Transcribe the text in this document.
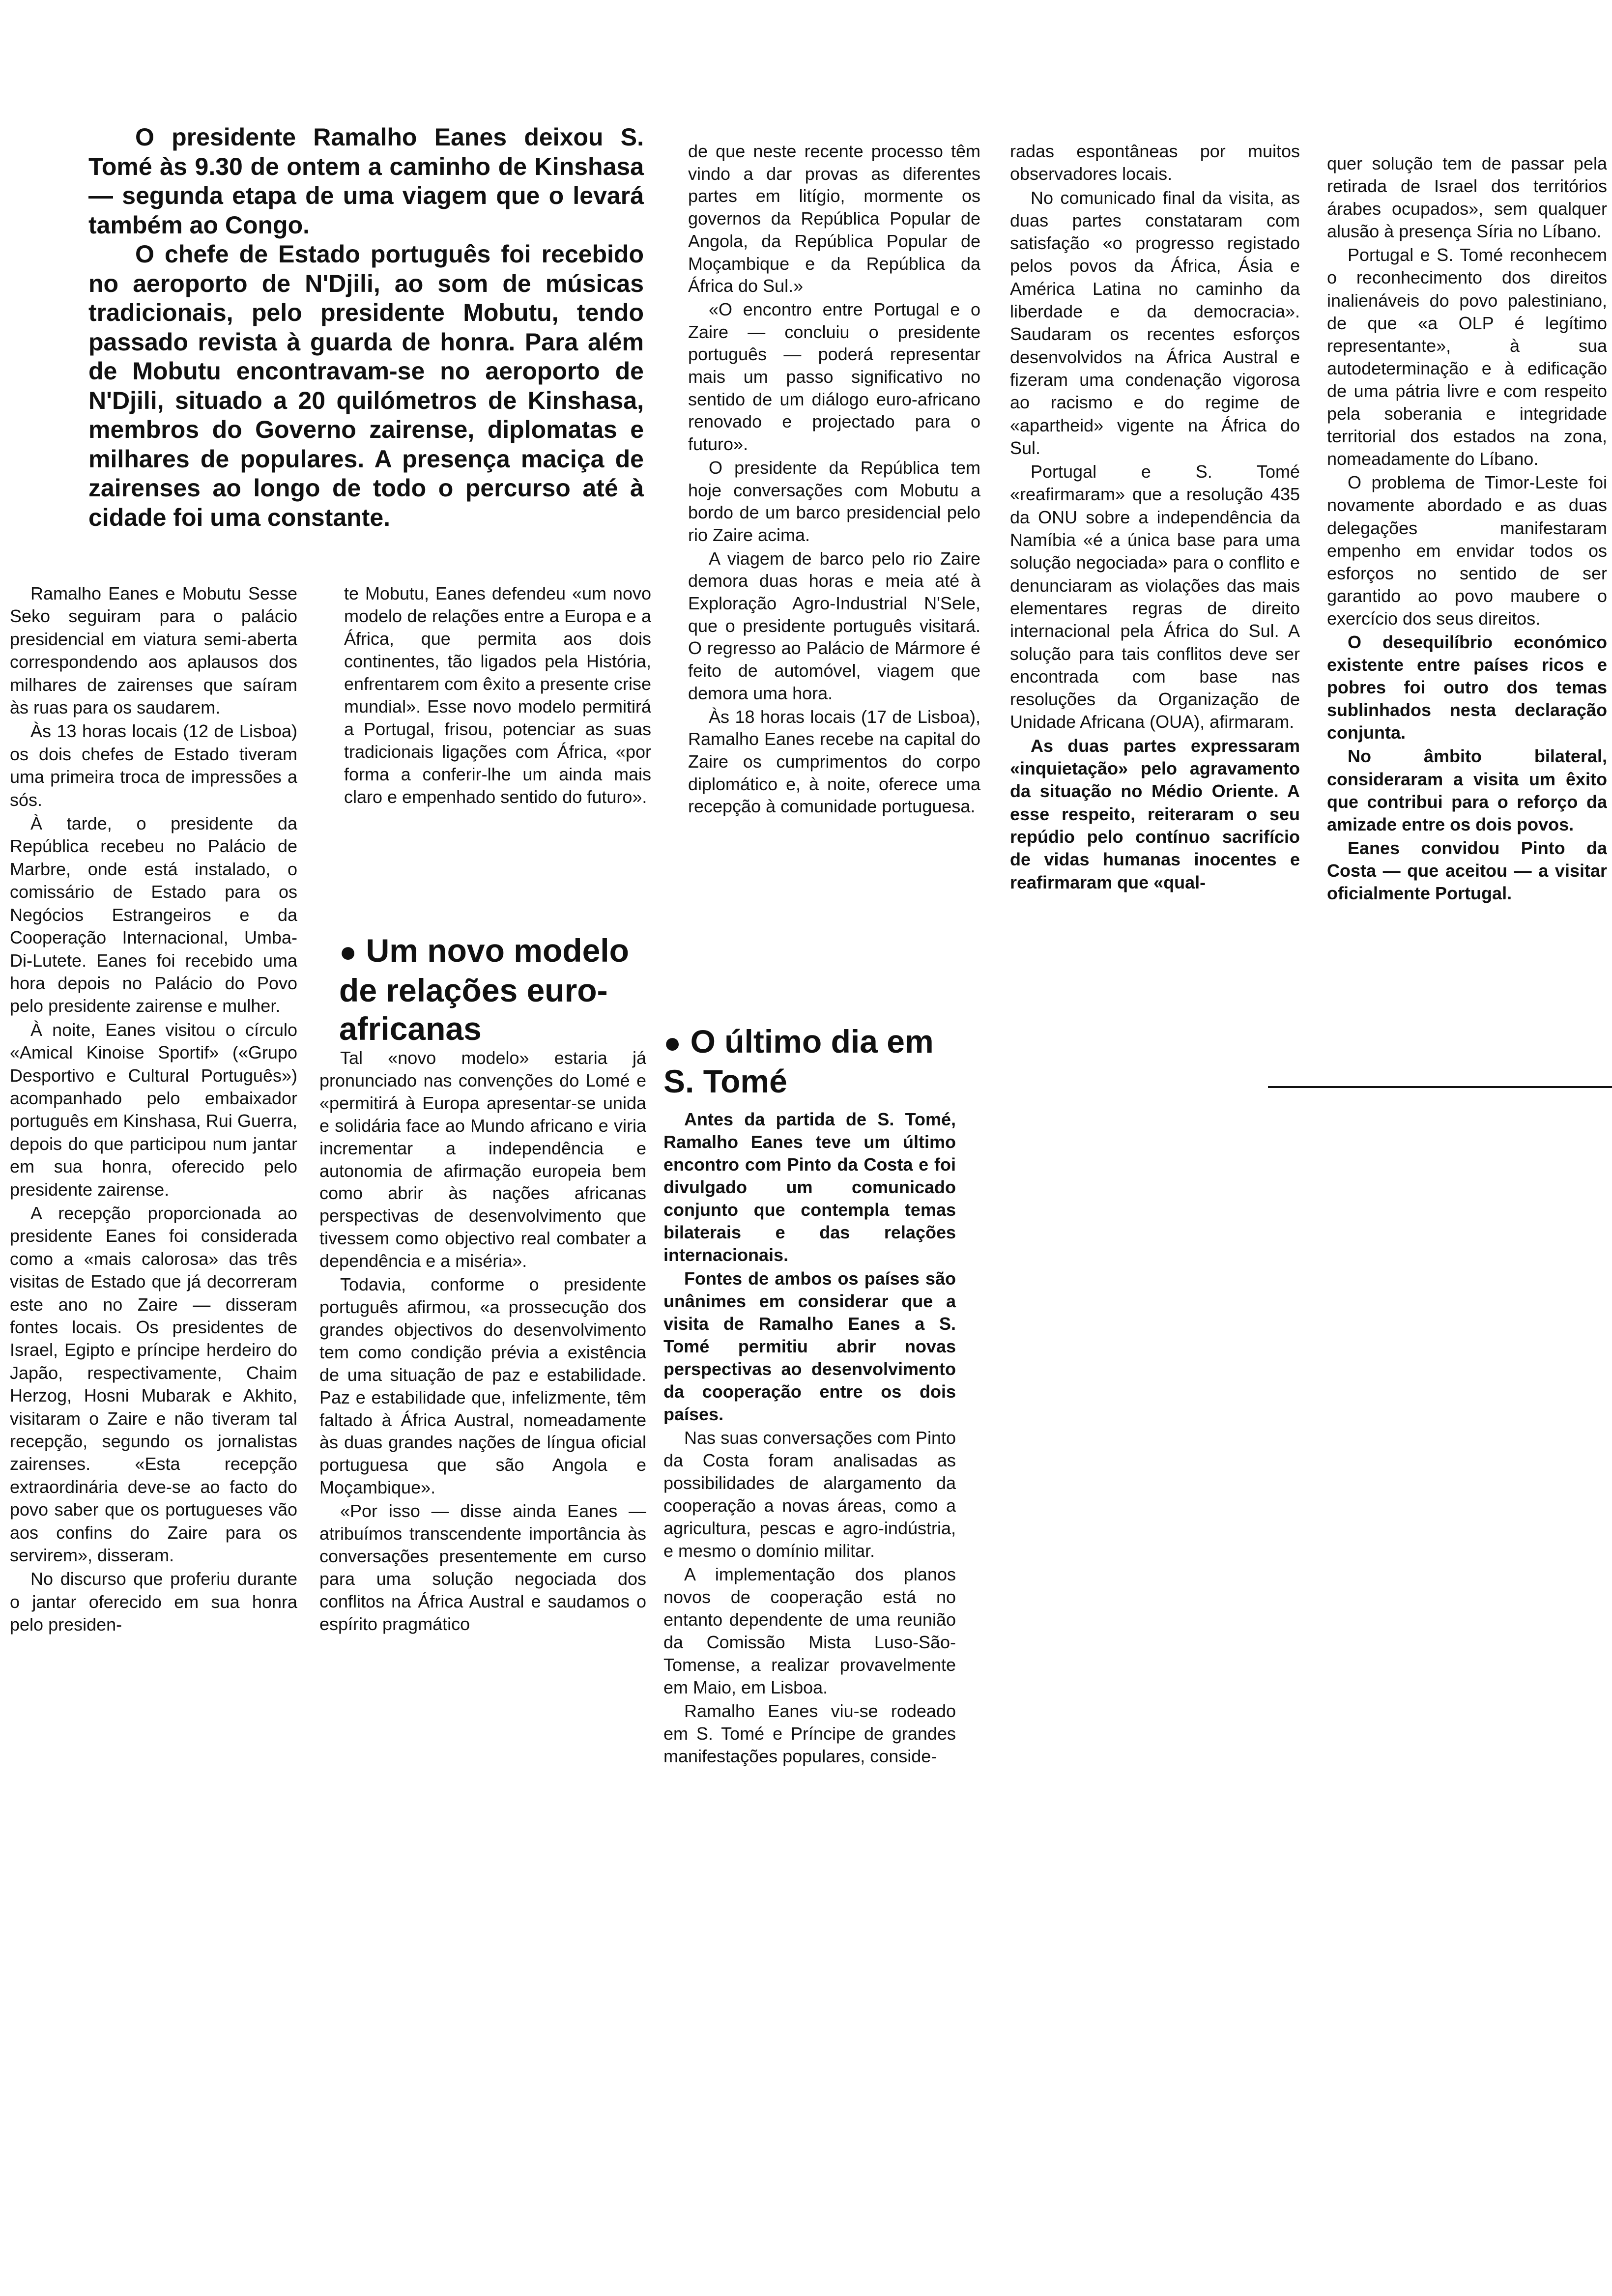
O presidente Ramalho Eanes deixou S. Tomé às 9.30 de ontem a caminho de Kinshasa — segunda etapa de uma viagem que o levará também ao Congo.

O chefe de Estado português foi recebido no aeroporto de N'Djili, ao som de músicas tradicionais, pelo presidente Mobutu, tendo passado revista à guarda de honra. Para além de Mobutu encontravam-se no aeroporto de N'Djili, situado a 20 quilómetros de Kinshasa, membros do Governo zairense, diplomatas e milhares de populares. A presença maciça de zairenses ao longo de todo o percurso até à cidade foi uma constante.

Ramalho Eanes e Mobutu Sesse Seko seguiram para o palácio presidencial em viatura semi-aberta correspondendo aos aplausos dos milhares de zairenses que saíram às ruas para os saudarem.

Às 13 horas locais (12 de Lisboa) os dois chefes de Estado tiveram uma primeira troca de impressões a sós.

À tarde, o presidente da República recebeu no Palácio de Marbre, onde está instalado, o comissário de Estado para os Negócios Estrangeiros e da Cooperação Internacional, Umba-Di-Lutete. Eanes foi recebido uma hora depois no Palácio do Povo pelo presidente zairense e mulher.

À noite, Eanes visitou o círculo «Amical Kinoise Sportif» («Grupo Desportivo e Cultural Português») acompanhado pelo embaixador português em Kinshasa, Rui Guerra, depois do que participou num jantar em sua honra, oferecido pelo presidente zairense.

A recepção proporcionada ao presidente Eanes foi considerada como a «mais calorosa» das três visitas de Estado que já decorreram este ano no Zaire — disseram fontes locais. Os presidentes de Israel, Egipto e príncipe herdeiro do Japão, respectivamente, Chaim Herzog, Hosni Mubarak e Akhito, visitaram o Zaire e não tiveram tal recepção, segundo os jornalistas zairenses. «Esta recepção extraordinária deve-se ao facto do povo saber que os portugueses vão aos confins do Zaire para os servirem», disseram.

No discurso que proferiu durante o jantar oferecido em sua honra pelo presiden-

te Mobutu, Eanes defendeu «um novo modelo de relações entre a Europa e a África, que permita aos dois continentes, tão ligados pela História, enfrentarem com êxito a presente crise mundial». Esse novo modelo permitirá a Portugal, frisou, potenciar as suas tradicionais ligações com África, «por forma a conferir-lhe um ainda mais claro e empenhado sentido do futuro».

● Um novo modelo de relações euro-africanas

Tal «novo modelo» estaria já pronunciado nas convenções do Lomé e «permitirá à Europa apresentar-se unida e solidária face ao Mundo africano e viria incrementar a independência e autonomia de afirmação europeia bem como abrir às nações africanas perspectivas de desenvolvimento que tivessem como objectivo real combater a dependência e a miséria».

Todavia, conforme o presidente português afirmou, «a prossecução dos grandes objectivos do desenvolvimento tem como condição prévia a existência de uma situação de paz e estabilidade. Paz e estabilidade que, infelizmente, têm faltado à África Austral, nomeadamente às duas grandes nações de língua oficial portuguesa que são Angola e Moçambique».

«Por isso — disse ainda Eanes — atribuímos transcendente importância às conversações presentemente em curso para uma solução negociada dos conflitos na África Austral e saudamos o espírito pragmático

de que neste recente processo têm vindo a dar provas as diferentes partes em litígio, mormente os governos da República Popular de Angola, da República Popular de Moçambique e da República da África do Sul.»

«O encontro entre Portugal e o Zaire — concluiu o presidente português — poderá representar mais um passo significativo no sentido de um diálogo euro-africano renovado e projectado para o futuro».

O presidente da República tem hoje conversações com Mobutu a bordo de um barco presidencial pelo rio Zaire acima.

A viagem de barco pelo rio Zaire demora duas horas e meia até à Exploração Agro-Industrial N'Sele, que o presidente português visitará. O regresso ao Palácio de Mármore é feito de automóvel, viagem que demora uma hora.

Às 18 horas locais (17 de Lisboa), Ramalho Eanes recebe na capital do Zaire os cumprimentos do corpo diplomático e, à noite, oferece uma recepção à comunidade portuguesa.

● O último dia em S. Tomé

Antes da partida de S. Tomé, Ramalho Eanes teve um último encontro com Pinto da Costa e foi divulgado um comunicado conjunto que contempla temas bilaterais e das relações internacionais.

Fontes de ambos os países são unânimes em considerar que a visita de Ramalho Eanes a S. Tomé permitiu abrir novas perspectivas ao desenvolvimento da cooperação entre os dois países.

Nas suas conversações com Pinto da Costa foram analisadas as possibilidades de alargamento da cooperação a novas áreas, como a agricultura, pescas e agro-indústria, e mesmo o domínio militar.

A implementação dos planos novos de cooperação está no entanto dependente de uma reunião da Comissão Mista Luso-São-Tomense, a realizar provavelmente em Maio, em Lisboa.

Ramalho Eanes viu-se rodeado em S. Tomé e Príncipe de grandes manifestações populares, conside-

radas espontâneas por muitos observadores locais.

No comunicado final da visita, as duas partes constataram com satisfação «o progresso registado pelos povos da África, Ásia e América Latina no caminho da liberdade e da democracia». Saudaram os recentes esforços desenvolvidos na África Austral e fizeram uma condenação vigorosa ao racismo e do regime de «apartheid» vigente na África do Sul.

Portugal e S. Tomé «reafirmaram» que a resolução 435 da ONU sobre a independência da Namíbia «é a única base para uma solução negociada» para o conflito e denunciaram as violações das mais elementares regras de direito internacional pela África do Sul. A solução para tais conflitos deve ser encontrada com base nas resoluções da Organização de Unidade Africana (OUA), afirmaram.

As duas partes expressaram «inquietação» pelo agravamento da situação no Médio Oriente. A esse respeito, reiteraram o seu repúdio pelo contínuo sacrifício de vidas humanas inocentes e reafirmaram que «qual-

quer solução tem de passar pela retirada de Israel dos territórios árabes ocupados», sem qualquer alusão à presença Síria no Líbano.

Portugal e S. Tomé reconhecem o reconhecimento dos direitos inalienáveis do povo palestiniano, de que «a OLP é legítimo representante», à sua autodeterminação e à edificação de uma pátria livre e com respeito pela soberania e integridade territorial dos estados na zona, nomeadamente do Líbano.

O problema de Timor-Leste foi novamente abordado e as duas delegações manifestaram empenho em envidar todos os esforços no sentido de ser garantido ao povo maubere o exercício dos seus direitos.

O desequilíbrio económico existente entre países ricos e pobres foi outro dos temas sublinhados nesta declaração conjunta.

No âmbito bilateral, consideraram a visita um êxito que contribui para o reforço da amizade entre os dois povos.

Eanes convidou Pinto da Costa — que aceitou — a visitar oficialmente Portugal.
